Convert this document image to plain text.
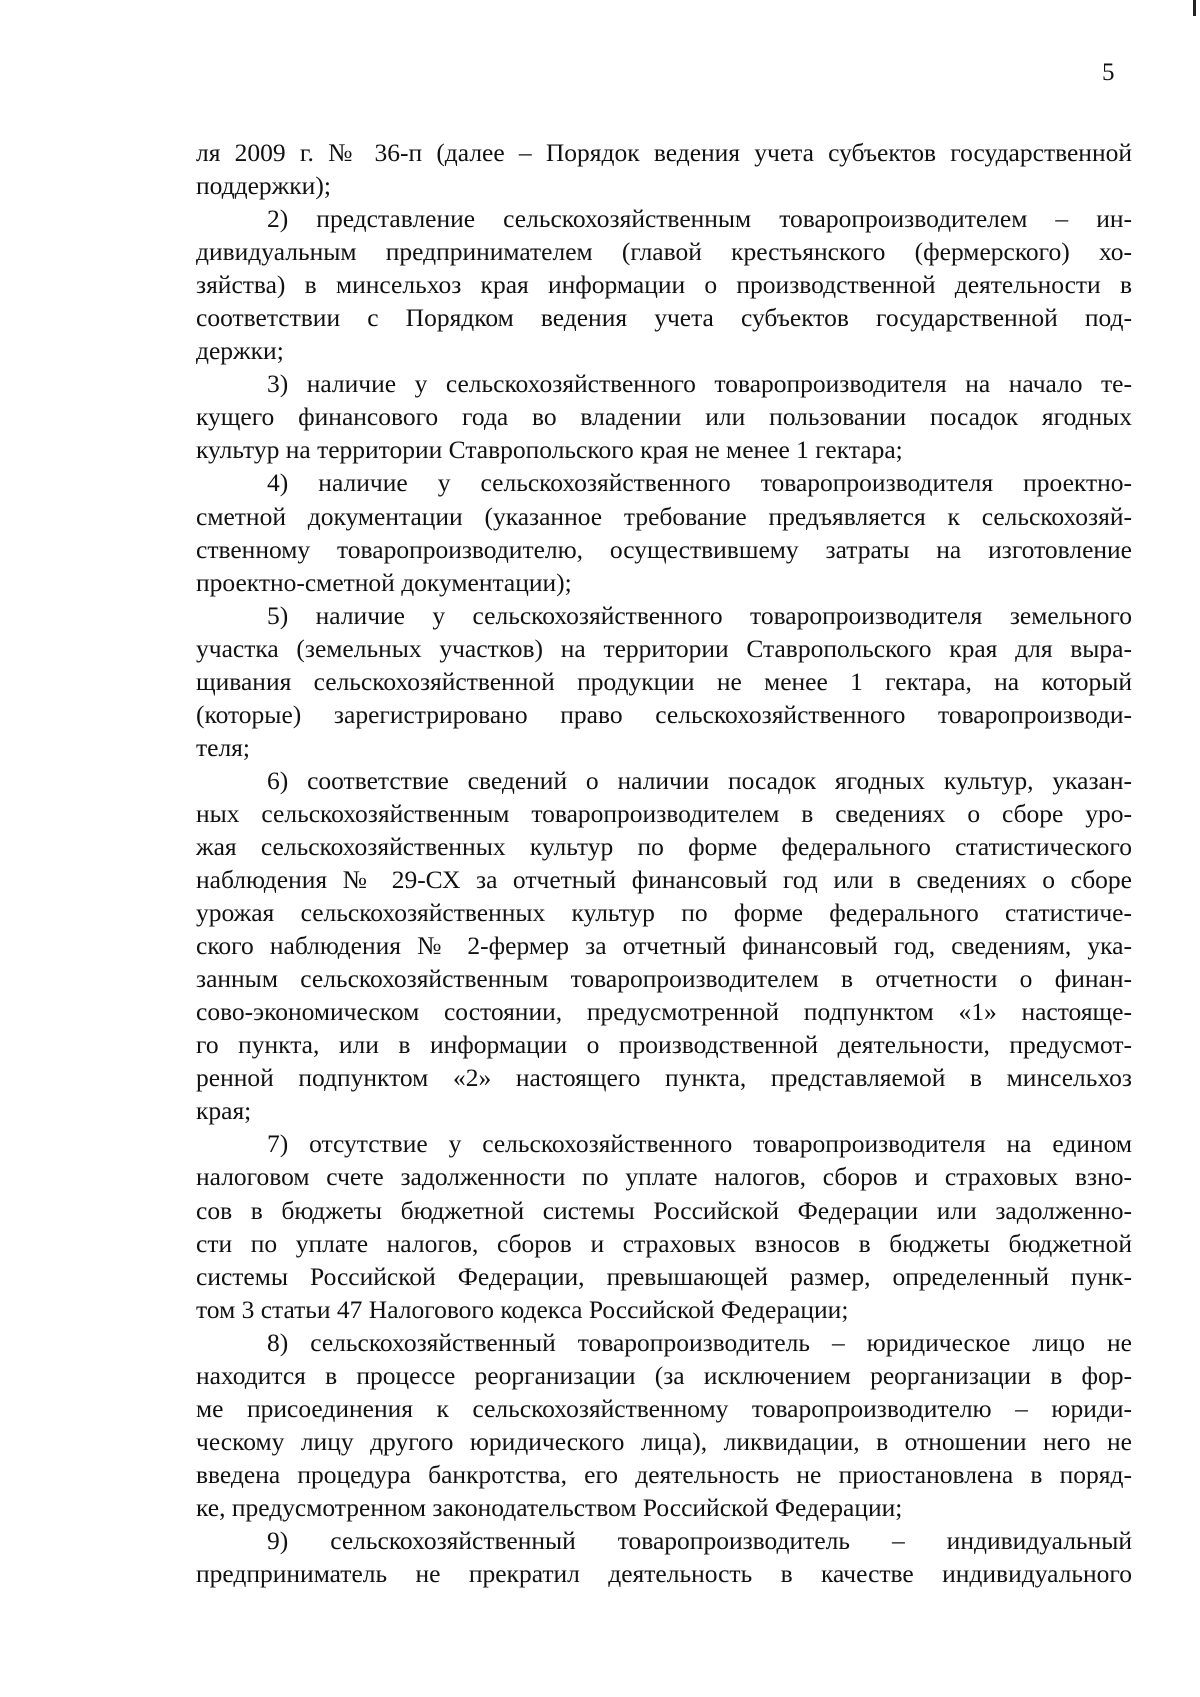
5
ля 2009 г. № 36-п (далее – Порядок ведения учета субъектов государственной
поддержки);
2) представление сельскохозяйственным товаропроизводителем – ин-
дивидуальным предпринимателем (главой крестьянского (фермерского) хо-
зяйства) в минсельхоз края информации о производственной деятельности в
соответствии с Порядком ведения учета субъектов государственной под-
держки;
3) наличие у сельскохозяйственного товаропроизводителя на начало те-
кущего финансового года во владении или пользовании посадок ягодных
культур на территории Ставропольского края не менее 1 гектара;
4) наличие у сельскохозяйственного товаропроизводителя проектно-
сметной документации (указанное требование предъявляется к сельскохозяй-
ственному товаропроизводителю, осуществившему затраты на изготовление
проектно-сметной документации);
5) наличие у сельскохозяйственного товаропроизводителя земельного
участка (земельных участков) на территории Ставропольского края для выра-
щивания сельскохозяйственной продукции не менее 1 гектара, на который
(которые) зарегистрировано право сельскохозяйственного товаропроизводи-
теля;
6) соответствие сведений о наличии посадок ягодных культур, указан-
ных сельскохозяйственным товаропроизводителем в сведениях о сборе уро-
жая сельскохозяйственных культур по форме федерального статистического
наблюдения № 29-СХ за отчетный финансовый год или в сведениях о сборе
урожая сельскохозяйственных культур по форме федерального статистиче-
ского наблюдения № 2-фермер за отчетный финансовый год, сведениям, ука-
занным сельскохозяйственным товаропроизводителем в отчетности о финан-
сово-экономическом состоянии, предусмотренной подпунктом «1» настояще-
го пункта, или в информации о производственной деятельности, предусмот-
ренной подпунктом «2» настоящего пункта, представляемой в минсельхоз
края;
7) отсутствие у сельскохозяйственного товаропроизводителя на едином
налоговом счете задолженности по уплате налогов, сборов и страховых взно-
сов в бюджеты бюджетной системы Российской Федерации или задолженно-
сти по уплате налогов, сборов и страховых взносов в бюджеты бюджетной
системы Российской Федерации, превышающей размер, определенный пунк-
том 3 статьи 47 Налогового кодекса Российской Федерации;
8) сельскохозяйственный товаропроизводитель – юридическое лицо не
находится в процессе реорганизации (за исключением реорганизации в фор-
ме присоединения к сельскохозяйственному товаропроизводителю – юриди-
ческому лицу другого юридического лица), ликвидации, в отношении него не
введена процедура банкротства, его деятельность не приостановлена в поряд-
ке, предусмотренном законодательством Российской Федерации;
9) сельскохозяйственный товаропроизводитель – индивидуальный
предприниматель не прекратил деятельность в качестве индивидуального
